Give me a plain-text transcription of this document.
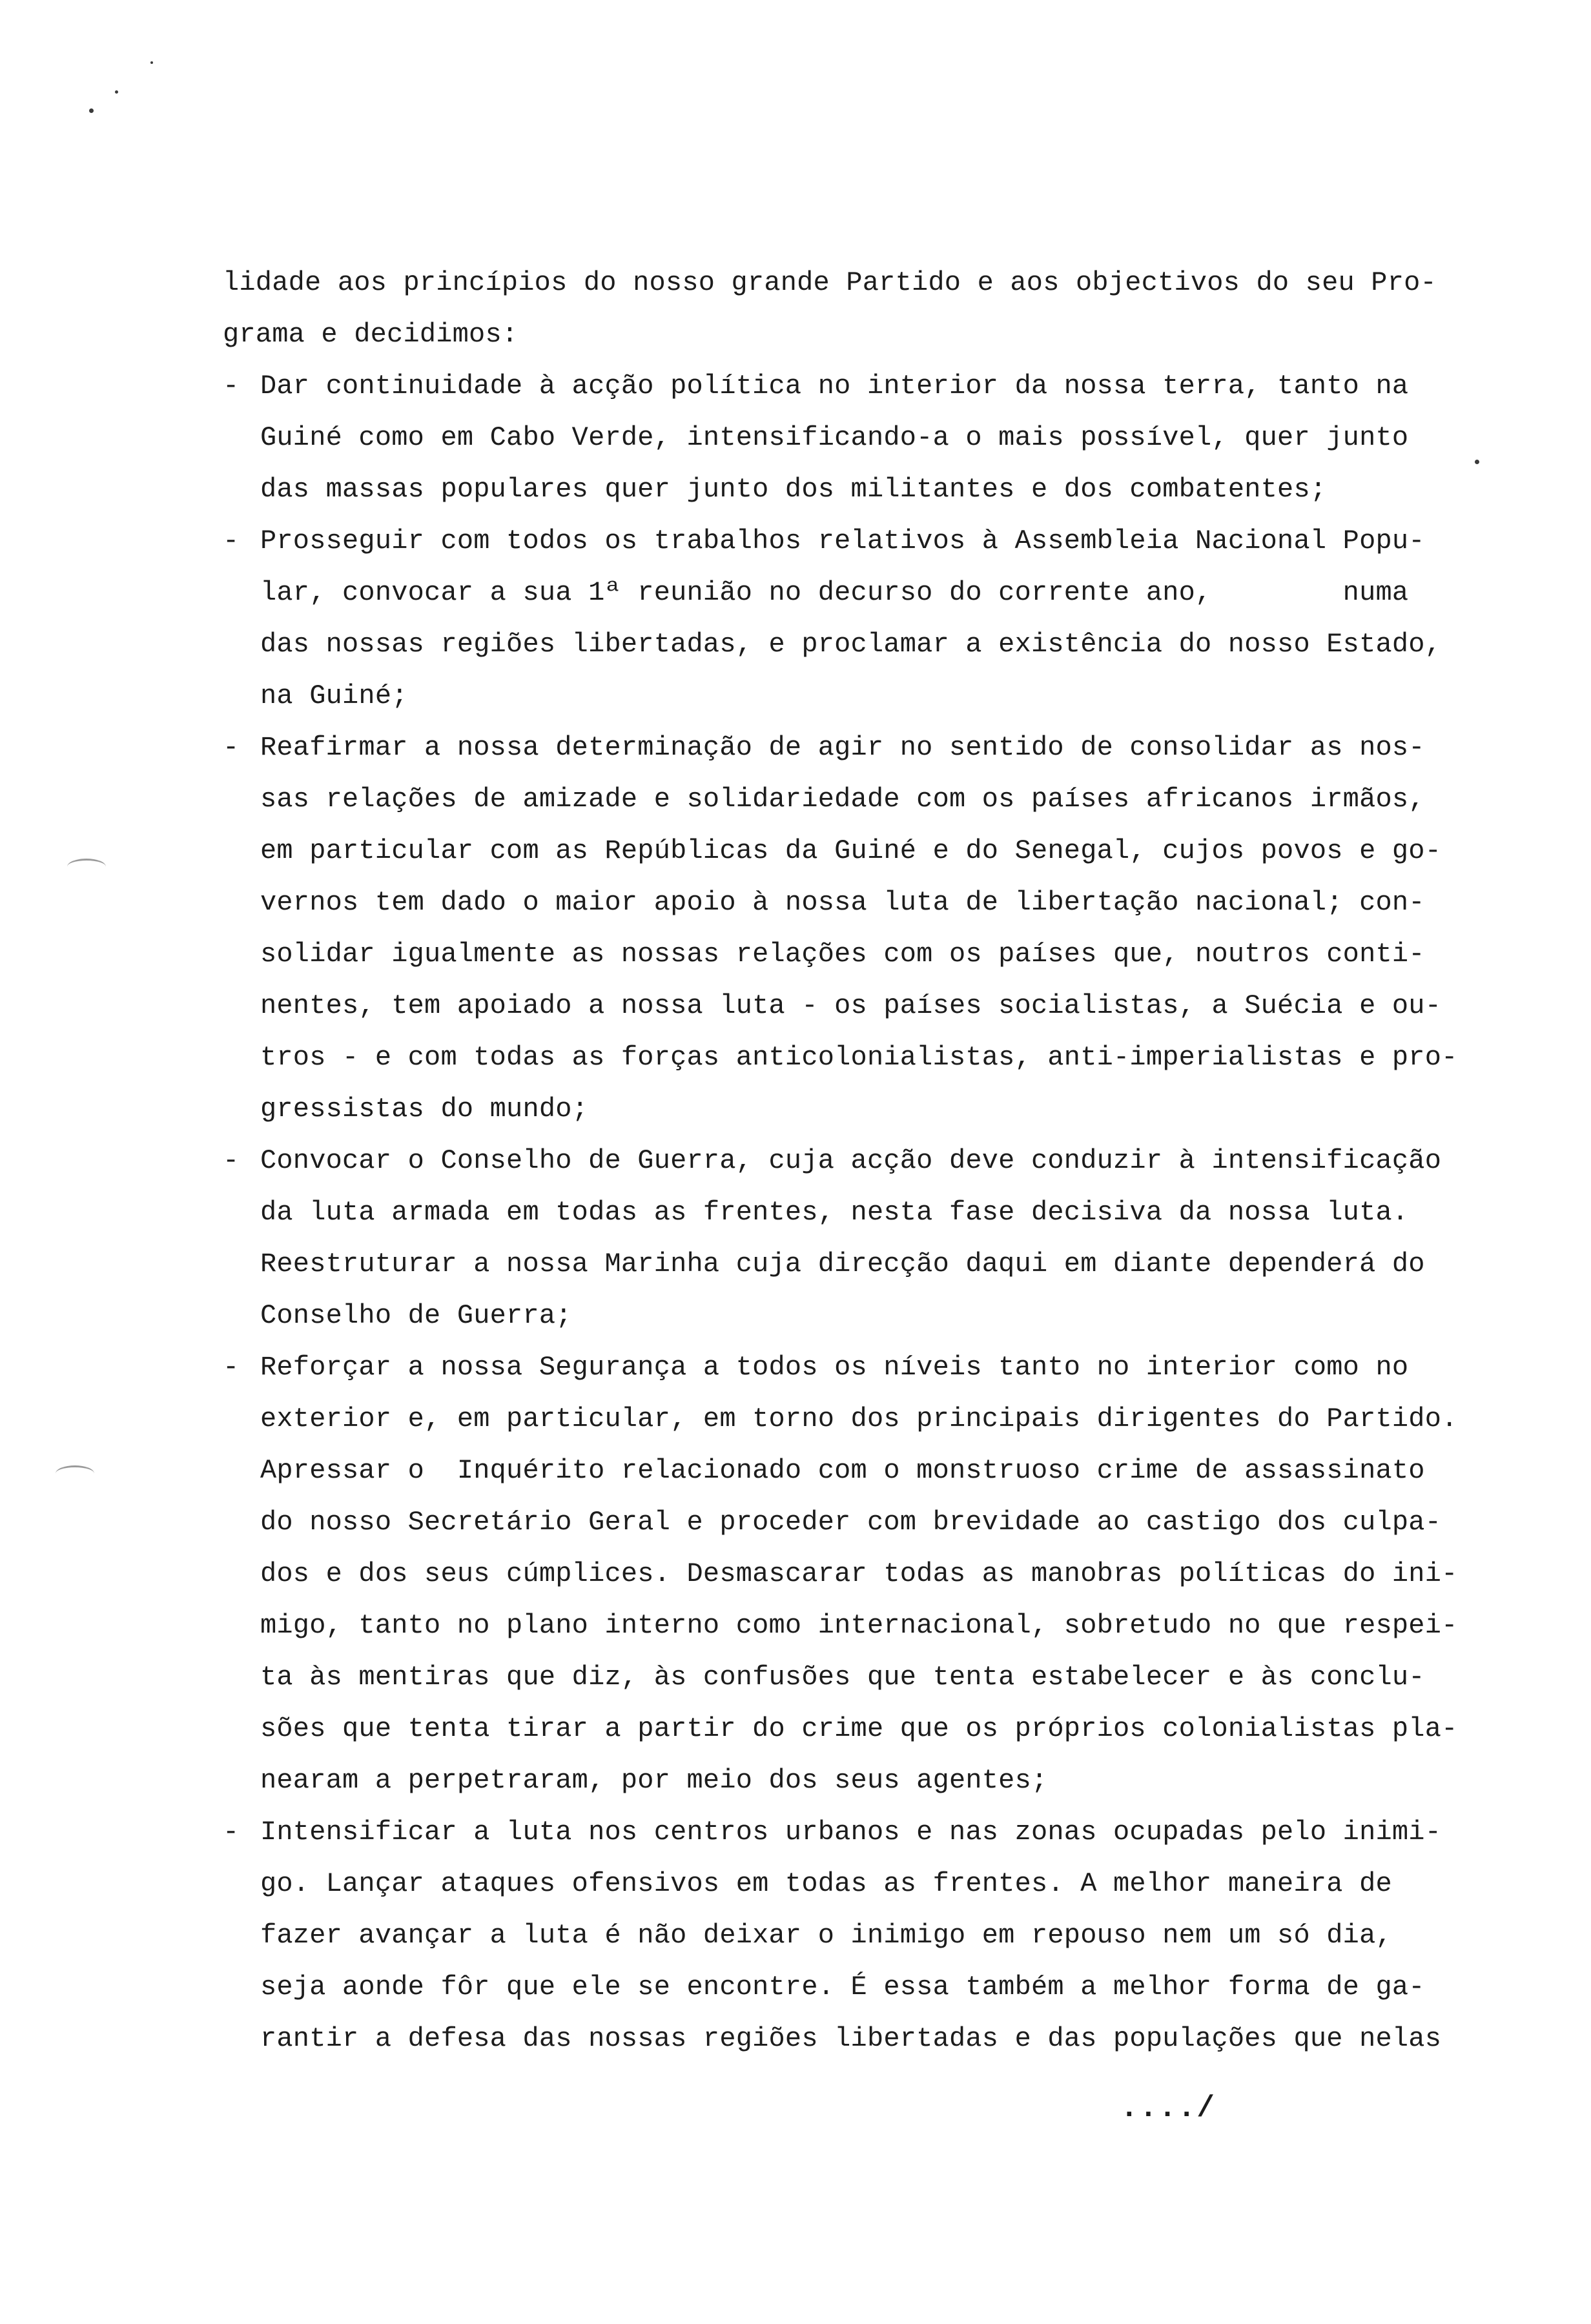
lidade aos princípios do nosso grande Partido e aos objectivos do seu Pro-
grama e decidimos:
- Dar continuidade à acção política no interior da nossa terra, tanto na
Guiné como em Cabo Verde, intensificando-a o mais possível, quer junto
das massas populares quer junto dos militantes e dos combatentes;
- Prosseguir com todos os trabalhos relativos à Assembleia Nacional Popu-
lar, convocar a sua 1ª reunião no decurso do corrente ano,        numa
das nossas regiões libertadas, e proclamar a existência do nosso Estado,
na Guiné;
- Reafirmar a nossa determinação de agir no sentido de consolidar as nos-
sas relações de amizade e solidariedade com os países africanos irmãos,
em particular com as Repúblicas da Guiné e do Senegal, cujos povos e go-
vernos tem dado o maior apoio à nossa luta de libertação nacional; con-
solidar igualmente as nossas relações com os países que, noutros conti-
nentes, tem apoiado a nossa luta - os países socialistas, a Suécia e ou-
tros - e com todas as forças anticolonialistas, anti-imperialistas e pro-
gressistas do mundo;
- Convocar o Conselho de Guerra, cuja acção deve conduzir à intensificação
da luta armada em todas as frentes, nesta fase decisiva da nossa luta.
Reestruturar a nossa Marinha cuja direcção daqui em diante dependerá do
Conselho de Guerra;
- Reforçar a nossa Segurança a todos os níveis tanto no interior como no
exterior e, em particular, em torno dos principais dirigentes do Partido.
Apressar o  Inquérito relacionado com o monstruoso crime de assassinato
do nosso Secretário Geral e proceder com brevidade ao castigo dos culpa-
dos e dos seus cúmplices. Desmascarar todas as manobras políticas do ini-
migo, tanto no plano interno como internacional, sobretudo no que respei-
ta às mentiras que diz, às confusões que tenta estabelecer e às conclu-
sões que tenta tirar a partir do crime que os próprios colonialistas pla-
nearam a perpetraram, por meio dos seus agentes;
- Intensificar a luta nos centros urbanos e nas zonas ocupadas pelo inimi-
go. Lançar ataques ofensivos em todas as frentes. A melhor maneira de
fazer avançar a luta é não deixar o inimigo em repouso nem um só dia,
seja aonde fôr que ele se encontre. É essa também a melhor forma de ga-
rantir a defesa das nossas regiões libertadas e das populações que nelas
..../
